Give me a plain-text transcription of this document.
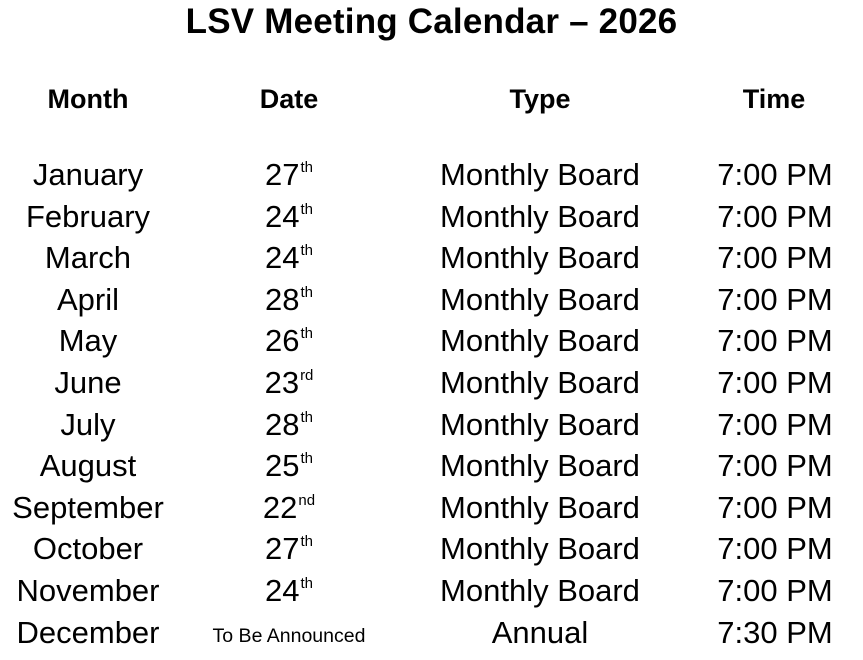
LSV Meeting Calendar – 2026
Month	Date	Type	Time
January	27th	Monthly Board	7:00 PM
February	24th	Monthly Board	7:00 PM
March	24th	Monthly Board	7:00 PM
April	28th	Monthly Board	7:00 PM
May	26th	Monthly Board	7:00 PM
June	23rd	Monthly Board	7:00 PM
July	28th	Monthly Board	7:00 PM
August	25th	Monthly Board	7:00 PM
September	22nd	Monthly Board	7:00 PM
October	27th	Monthly Board	7:00 PM
November	24th	Monthly Board	7:00 PM
December	To Be Announced	Annual	7:30 PM
